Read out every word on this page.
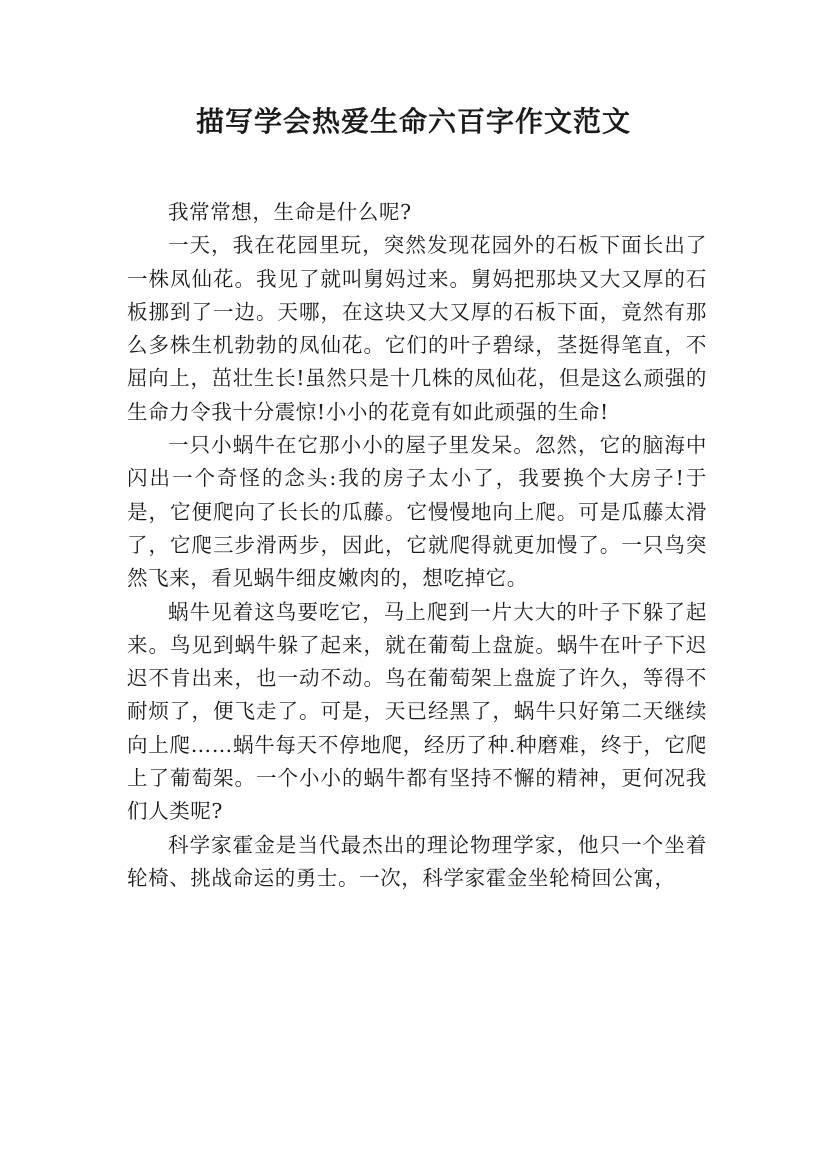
描写学会热爱生命六百字作文范文

我常常想，生命是什么呢?

一天，我在花园里玩，突然发现花园外的石板下面长出了一株凤仙花。我见了就叫舅妈过来。舅妈把那块又大又厚的石板挪到了一边。天哪，在这块又大又厚的石板下面，竟然有那么多株生机勃勃的凤仙花。它们的叶子碧绿，茎挺得笔直，不屈向上，茁壮生长!虽然只是十几株的凤仙花，但是这么顽强的生命力令我十分震惊!小小的花竟有如此顽强的生命!

一只小蜗牛在它那小小的屋子里发呆。忽然，它的脑海中闪出一个奇怪的念头:我的房子太小了，我要换个大房子!于是，它便爬向了长长的瓜藤。它慢慢地向上爬。可是瓜藤太滑了，它爬三步滑两步，因此，它就爬得就更加慢了。一只鸟突然飞来，看见蜗牛细皮嫩肉的，想吃掉它。

蜗牛见着这鸟要吃它，马上爬到一片大大的叶子下躲了起来。鸟见到蜗牛躲了起来，就在葡萄上盘旋。蜗牛在叶子下迟迟不肯出来，也一动不动。鸟在葡萄架上盘旋了许久，等得不耐烦了，便飞走了。可是，天已经黑了，蜗牛只好第二天继续向上爬……蜗牛每天不停地爬，经历了种.种磨难，终于，它爬上了葡萄架。一个小小的蜗牛都有坚持不懈的精神，更何况我们人类呢?

科学家霍金是当代最杰出的理论物理学家，他只一个坐着轮椅、挑战命运的勇士。一次，科学家霍金坐轮椅回公寓，
